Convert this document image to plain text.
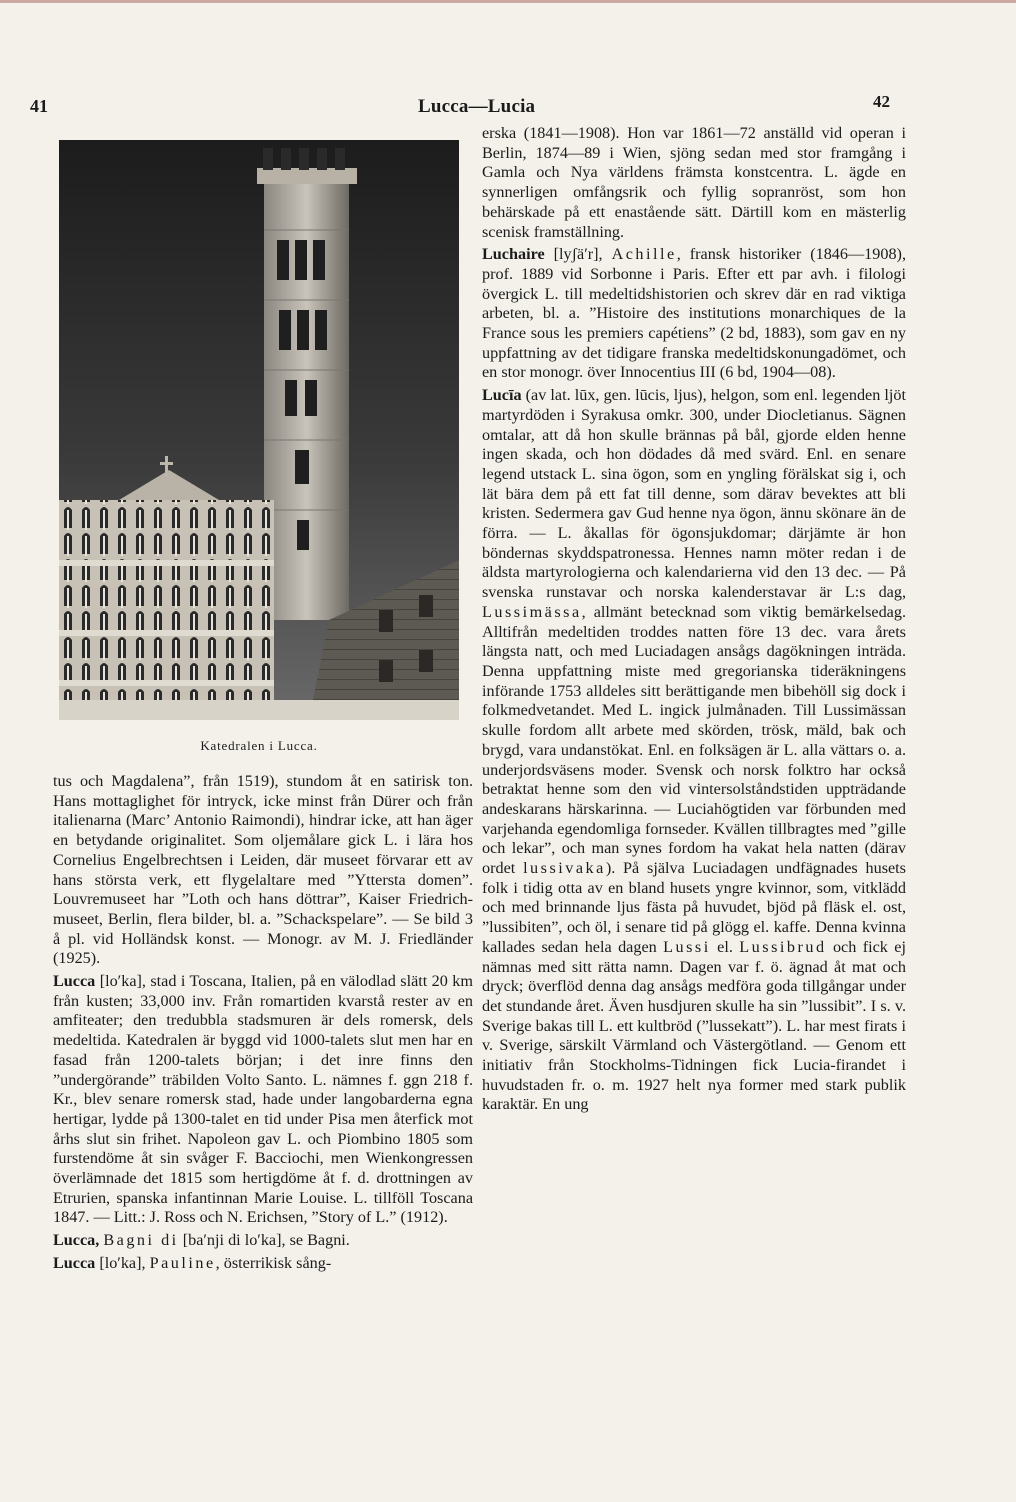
41	Lucca—Lucia	42
Katedralen i Lucca.

tus och Magdalena”, från 1519), stundom åt en satirisk ton. Hans mottaglighet för intryck, icke minst från Dürer och från italienarna (Marc’ Antonio Raimondi), hindrar icke, att han äger en betydande originalitet. Som oljemålare gick L. i lära hos Cornelius Engelbrechtsen i Leiden, där museet förvarar ett av hans största verk, ett flygelaltare med ”Yttersta domen”. Louvremuseet har ”Loth och hans döttrar”, Kaiser Friedrich-museet, Berlin, flera bilder, bl. a. ”Schackspelare”. — Se bild 3 å pl. vid Holländsk konst. — Monogr. av M. J. Friedländer (1925).

Lucca [lo′ka], stad i Toscana, Italien, på en välodlad slätt 20 km från kusten; 33,000 inv. Från romartiden kvarstå rester av en amfiteater; den tredubbla stadsmuren är dels romersk, dels medeltida. Katedralen är byggd vid 1000-talets slut men har en fasad från 1200-talets början; i det inre finns den ”undergörande” träbilden Volto Santo. L. nämnes f. ggn 218 f. Kr., blev senare romersk stad, hade under langobarderna egna hertigar, lydde på 1300-talet en tid under Pisa men återfick mot århs slut sin frihet. Napoleon gav L. och Piombino 1805 som furstendöme åt sin svåger F. Bacciochi, men Wienkongressen överlämnade det 1815 som hertigdöme åt f. d. drottningen av Etrurien, spanska infantinnan Marie Louise. L. tillföll Toscana 1847. — Litt.: J. Ross och N. Erichsen, ”Story of L.” (1912).

Lucca, Bagni di [ba′nji di lo′ka], se Bagni.

Lucca [lo′ka], Pauline, österrikisk sång-

erska (1841—1908). Hon var 1861—72 anställd vid operan i Berlin, 1874—89 i Wien, sjöng sedan med stor framgång i Gamla och Nya världens främsta konstcentra. L. ägde en synnerligen omfångsrik och fyllig sopranröst, som hon behärskade på ett enastående sätt. Därtill kom en mästerlig scenisk framställning.

Luchaire [lyʃä′r], Achille, fransk historiker (1846—1908), prof. 1889 vid Sorbonne i Paris. Efter ett par avh. i filologi övergick L. till medeltidshistorien och skrev där en rad viktiga arbeten, bl. a. ”Histoire des institutions monarchiques de la France sous les premiers capétiens” (2 bd, 1883), som gav en ny uppfattning av det tidigare franska medeltidskonungadömet, och en stor monogr. över Innocentius III (6 bd, 1904—08).

Lucīa (av lat. lūx, gen. lūcis, ljus), helgon, som enl. legenden ljöt martyrdöden i Syrakusa omkr. 300, under Diocletianus. Sägnen omtalar, att då hon skulle brännas på bål, gjorde elden henne ingen skada, och hon dödades då med svärd. Enl. en senare legend utstack L. sina ögon, som en yngling förälskat sig i, och lät bära dem på ett fat till denne, som därav bevektes att bli kristen. Sedermera gav Gud henne nya ögon, ännu skönare än de förra. — L. åkallas för ögonsjukdomar; därjämte är hon böndernas skyddspatronessa. Hennes namn möter redan i de äldsta martyrologierna och kalendarierna vid den 13 dec. — På svenska runstavar och norska kalenderstavar är L:s dag, Lussimässa, allmänt betecknad som viktig bemärkelsedag. Alltifrån medeltiden troddes natten före 13 dec. vara årets längsta natt, och med Luciadagen ansågs dagökningen inträda. Denna uppfattning miste med gregorianska tideräkningens införande 1753 alldeles sitt berättigande men bibehöll sig dock i folkmedvetandet. Med L. ingick julmånaden. Till Lussimässan skulle fordom allt arbete med skörden, trösk, mäld, bak och brygd, vara undanstökat. Enl. en folksägen är L. alla vättars o. a. underjordsväsens moder. Svensk och norsk folktro har också betraktat henne som den vid vintersolståndstiden uppträdande andeskarans härskarinna. — Luciahögtiden var förbunden med varjehanda egendomliga fornseder. Kvällen tillbragtes med ”gille och lekar”, och man synes fordom ha vakat hela natten (därav ordet lussivaka). På själva Luciadagen undfägnades husets folk i tidig otta av en bland husets yngre kvinnor, som, vitklädd och med brinnande ljus fästa på huvudet, bjöd på fläsk el. ost, ”lussibiten”, och öl, i senare tid på glögg el. kaffe. Denna kvinna kallades sedan hela dagen Lussi el. Lussibrud och fick ej nämnas med sitt rätta namn. Dagen var f. ö. ägnad åt mat och dryck; överflöd denna dag ansågs medföra goda tillgångar under det stundande året. Även husdjuren skulle ha sin ”lussibit”. I s. v. Sverige bakas till L. ett kultbröd (”lussekatt”). L. har mest firats i v. Sverige, särskilt Värmland och Västergötland. — Genom ett initiativ från Stockholms-Tidningen fick Lucia-firandet i huvudstaden fr. o. m. 1927 helt nya former med stark publik karaktär. En ung
